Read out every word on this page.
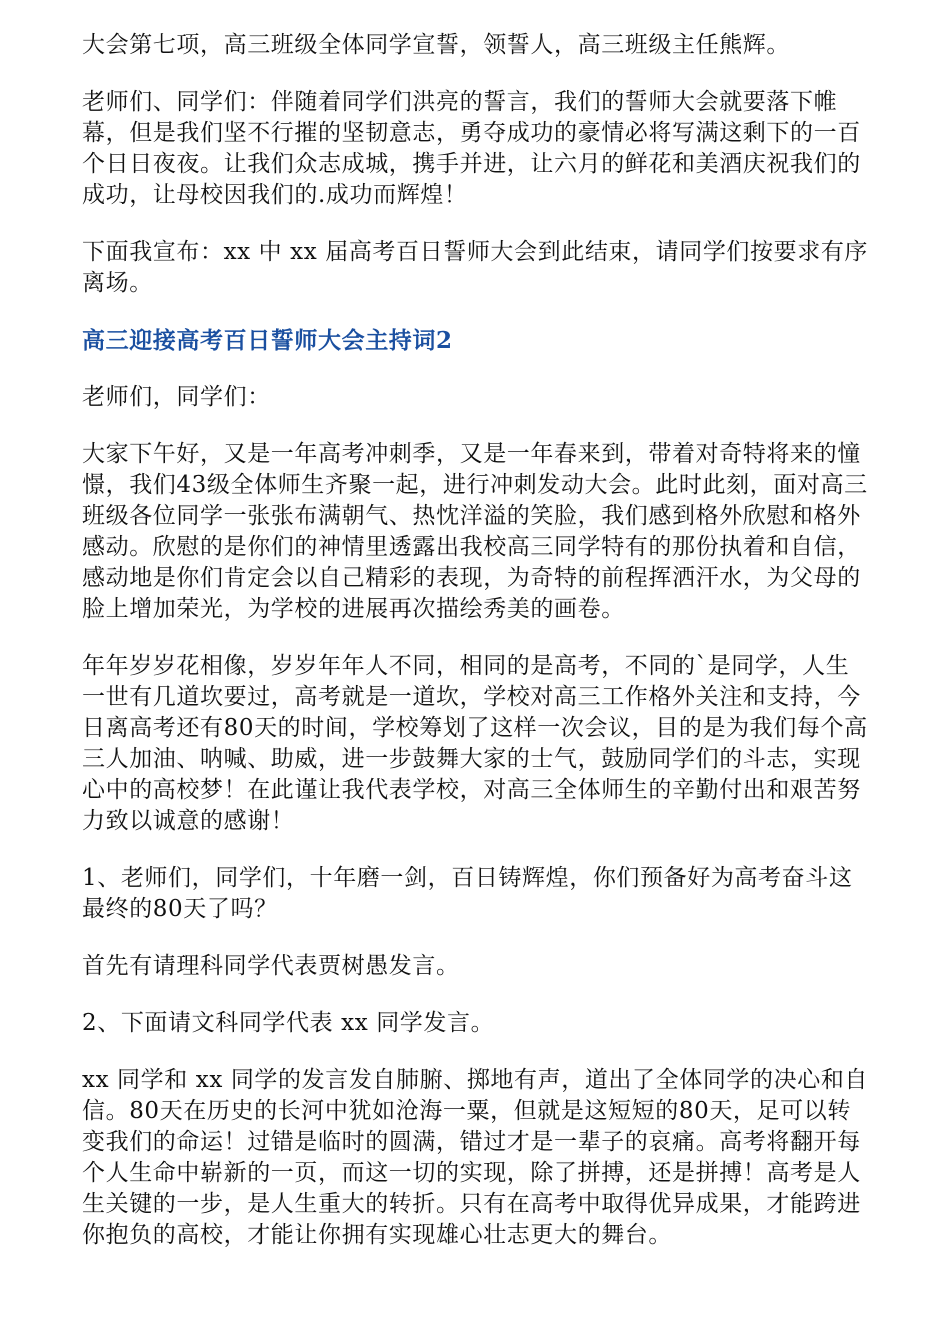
大会第七项，高三班级全体同学宣誓，领誓人，高三班级主任熊辉。

老师们、同学们：伴随着同学们洪亮的誓言，我们的誓师大会就要落下帷幕，但是我们坚不行摧的坚韧意志，勇夺成功的豪情必将写满这剩下的一百个日日夜夜。让我们众志成城，携手并进，让六月的鲜花和美酒庆祝我们的成功，让母校因我们的.成功而辉煌！

下面我宣布：xx 中 xx 届高考百日誓师大会到此结束，请同学们按要求有序离场。

高三迎接高考百日誓师大会主持词2

老师们，同学们：

大家下午好，又是一年高考冲刺季，又是一年春来到，带着对奇特将来的憧憬，我们43级全体师生齐聚一起，进行冲刺发动大会。此时此刻，面对高三班级各位同学一张张布满朝气、热忱洋溢的笑脸，我们感到格外欣慰和格外感动。欣慰的是你们的神情里透露出我校高三同学特有的那份执着和自信，感动地是你们肯定会以自己精彩的表现，为奇特的前程挥洒汗水，为父母的脸上增加荣光，为学校的进展再次描绘秀美的画卷。

年年岁岁花相像，岁岁年年人不同，相同的是高考，不同的`是同学，人生一世有几道坎要过，高考就是一道坎，学校对高三工作格外关注和支持，今日离高考还有80天的时间，学校筹划了这样一次会议，目的是为我们每个高三人加油、呐喊、助威，进一步鼓舞大家的士气，鼓励同学们的斗志，实现心中的高校梦！在此谨让我代表学校，对高三全体师生的辛勤付出和艰苦努力致以诚意的感谢！

1、老师们，同学们，十年磨一剑，百日铸辉煌，你们预备好为高考奋斗这最终的80天了吗？

首先有请理科同学代表贾树愚发言。

2、下面请文科同学代表 xx 同学发言。

xx 同学和 xx 同学的发言发自肺腑、掷地有声，道出了全体同学的决心和自信。80天在历史的长河中犹如沧海一粟，但就是这短短的80天，足可以转变我们的命运！过错是临时的圆满，错过才是一辈子的哀痛。高考将翻开每个人生命中崭新的一页，而这一切的实现，除了拼搏，还是拼搏！高考是人生关键的一步，是人生重大的转折。只有在高考中取得优异成果，才能跨进你抱负的高校，才能让你拥有实现雄心壮志更大的舞台。
